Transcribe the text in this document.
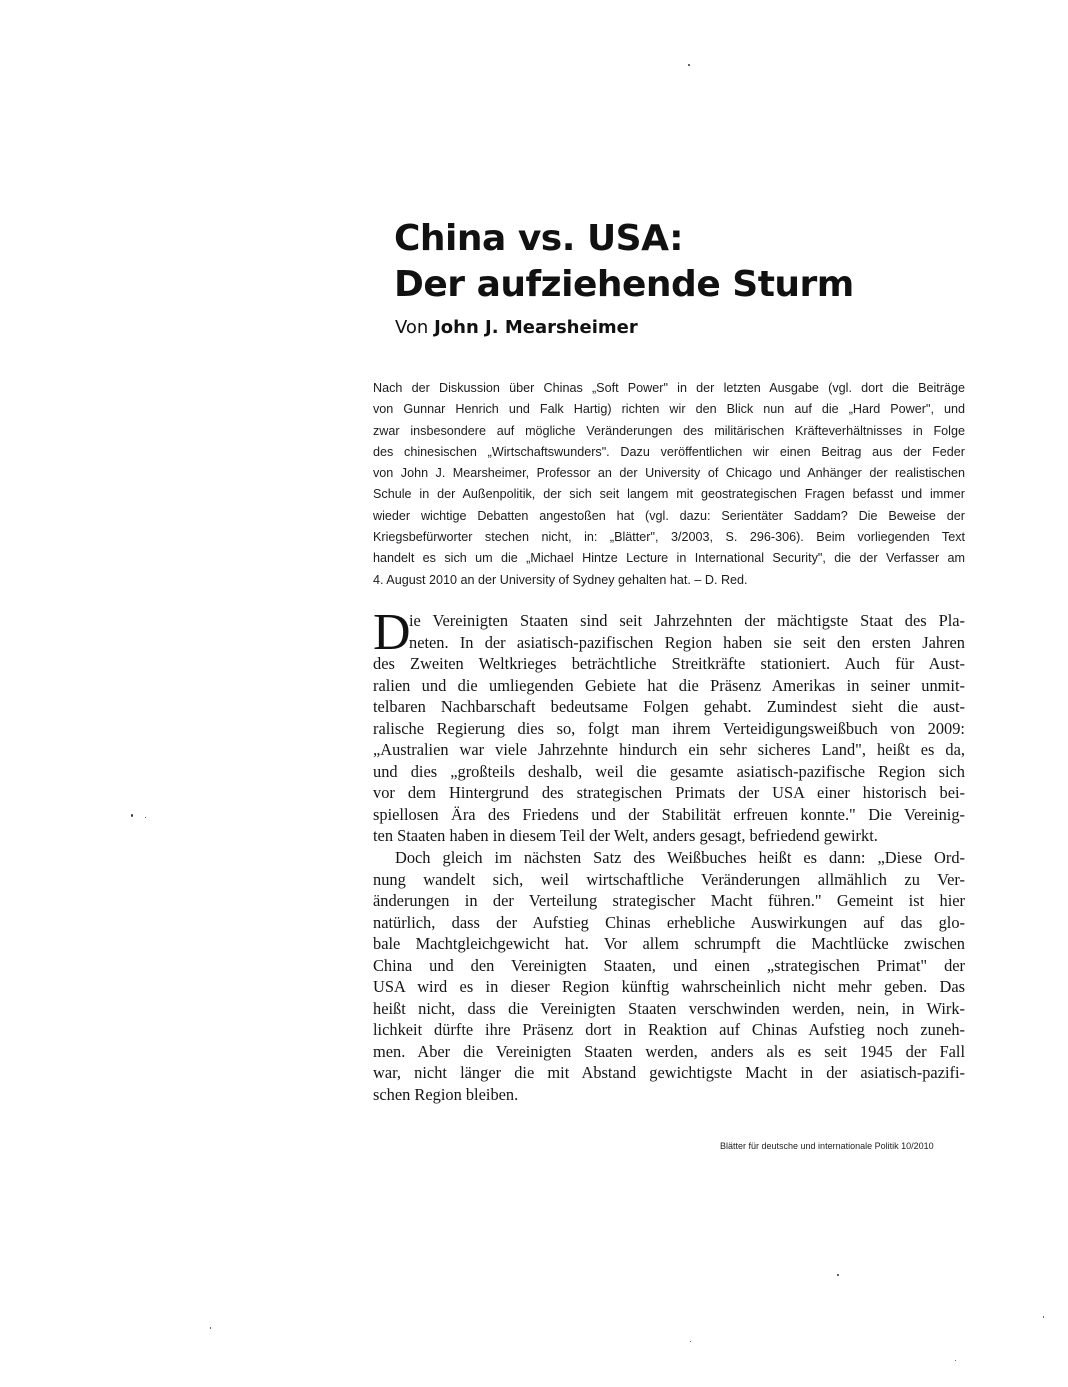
China vs. USA:
Der aufziehende Sturm
Von John J. Mearsheimer
Nach der Diskussion über Chinas „Soft Power" in der letzten Ausgabe (vgl. dort die Beiträge
von Gunnar Henrich und Falk Hartig) richten wir den Blick nun auf die „Hard Power", und
zwar insbesondere auf mögliche Veränderungen des militärischen Kräfteverhältnisses in Folge
des chinesischen „Wirtschaftswunders". Dazu veröffentlichen wir einen Beitrag aus der Feder
von John J. Mearsheimer, Professor an der University of Chicago und Anhänger der realistischen
Schule in der Außenpolitik, der sich seit langem mit geostrategischen Fragen befasst und immer
wieder wichtige Debatten angestoßen hat (vgl. dazu: Serientäter Saddam? Die Beweise der
Kriegsbefürworter stechen nicht, in: „Blätter", 3/2003, S. 296-306). Beim vorliegenden Text
handelt es sich um die „Michael Hintze Lecture in International Security", die der Verfasser am
4. August 2010 an der University of Sydney gehalten hat. – D. Red.
D
ie Vereinigten Staaten sind seit Jahrzehnten der mächtigste Staat des Pla-
neten. In der asiatisch-pazifischen Region haben sie seit den ersten Jahren
des Zweiten Weltkrieges beträchtliche Streitkräfte stationiert. Auch für Aust-
ralien und die umliegenden Gebiete hat die Präsenz Amerikas in seiner unmit-
telbaren Nachbarschaft bedeutsame Folgen gehabt. Zumindest sieht die aust-
ralische Regierung dies so, folgt man ihrem Verteidigungsweißbuch von 2009:
„Australien war viele Jahrzehnte hindurch ein sehr sicheres Land", heißt es da,
und dies „großteils deshalb, weil die gesamte asiatisch-pazifische Region sich
vor dem Hintergrund des strategischen Primats der USA einer historisch bei-
spiellosen Ära des Friedens und der Stabilität erfreuen konnte." Die Vereinig-
ten Staaten haben in diesem Teil der Welt, anders gesagt, befriedend gewirkt.
Doch gleich im nächsten Satz des Weißbuches heißt es dann: „Diese Ord-
nung wandelt sich, weil wirtschaftliche Veränderungen allmählich zu Ver-
änderungen in der Verteilung strategischer Macht führen." Gemeint ist hier
natürlich, dass der Aufstieg Chinas erhebliche Auswirkungen auf das glo-
bale Machtgleichgewicht hat. Vor allem schrumpft die Machtlücke zwischen
China und den Vereinigten Staaten, und einen „strategischen Primat" der
USA wird es in dieser Region künftig wahrscheinlich nicht mehr geben. Das
heißt nicht, dass die Vereinigten Staaten verschwinden werden, nein, in Wirk-
lichkeit dürfte ihre Präsenz dort in Reaktion auf Chinas Aufstieg noch zuneh-
men. Aber die Vereinigten Staaten werden, anders als es seit 1945 der Fall
war, nicht länger die mit Abstand gewichtigste Macht in der asiatisch-pazifi-
schen Region bleiben.
Blätter für deutsche und internationale Politik 10/2010
